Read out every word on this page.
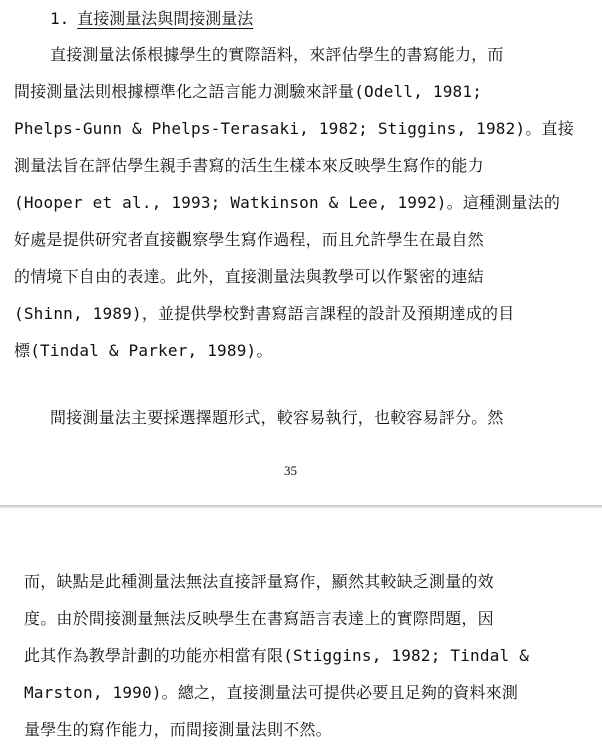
1. 直接測量法與間接測量法
直接測量法係根據學生的實際語料，來評估學生的書寫能力，而
間接測量法則根據標準化之語言能力測驗來評量(Odell, 1981;
Phelps-Gunn & Phelps-Terasaki, 1982; Stiggins, 1982)。直接
測量法旨在評估學生親手書寫的活生生樣本來反映學生寫作的能力
(Hooper et al., 1993; Watkinson & Lee, 1992)。這種測量法的
好處是提供研究者直接觀察學生寫作過程，而且允許學生在最自然
的情境下自由的表達。此外，直接測量法與教學可以作緊密的連結
(Shinn, 1989)，並提供學校對書寫語言課程的設計及預期達成的目
標(Tindal & Parker, 1989)。
間接測量法主要採選擇題形式，較容易執行，也較容易評分。然
35
而，缺點是此種測量法無法直接評量寫作，顯然其較缺乏測量的效
度。由於間接測量無法反映學生在書寫語言表達上的實際問題，因
此其作為教學計劃的功能亦相當有限(Stiggins, 1982; Tindal &
Marston, 1990)。總之，直接測量法可提供必要且足夠的資料來測
量學生的寫作能力，而間接測量法則不然。
